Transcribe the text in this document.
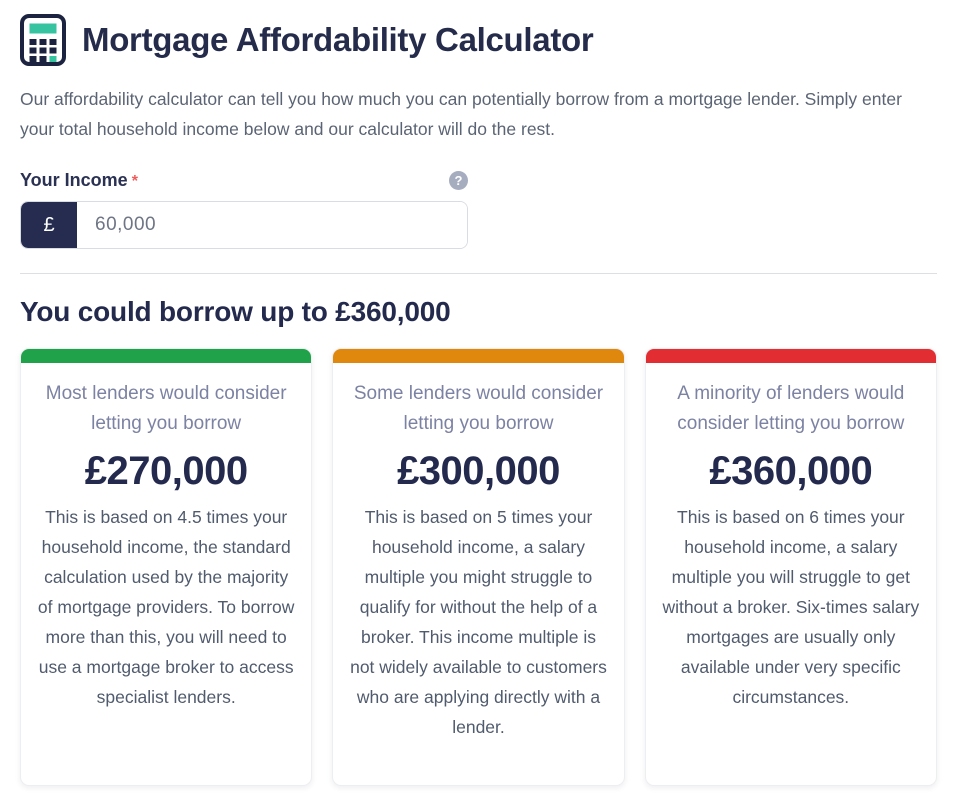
Mortgage Affordability Calculator

Our affordability calculator can tell you how much you can potentially borrow from a mortgage lender. Simply enter your total household income below and our calculator will do the rest.

Your Income *	?
£
60,000
You could borrow up to £360,000
Most lenders would consider letting you borrow
£270,000
This is based on 4.5 times your household income, the standard calculation used by the majority of mortgage providers. To borrow more than this, you will need to use a mortgage broker to access specialist lenders.
Some lenders would consider letting you borrow
£300,000
This is based on 5 times your household income, a salary multiple you might struggle to qualify for without the help of a broker. This income multiple is not widely available to customers who are applying directly with a lender.
A minority of lenders would consider letting you borrow
£360,000
This is based on 6 times your household income, a salary multiple you will struggle to get without a broker. Six-times salary mortgages are usually only available under very specific circumstances.
